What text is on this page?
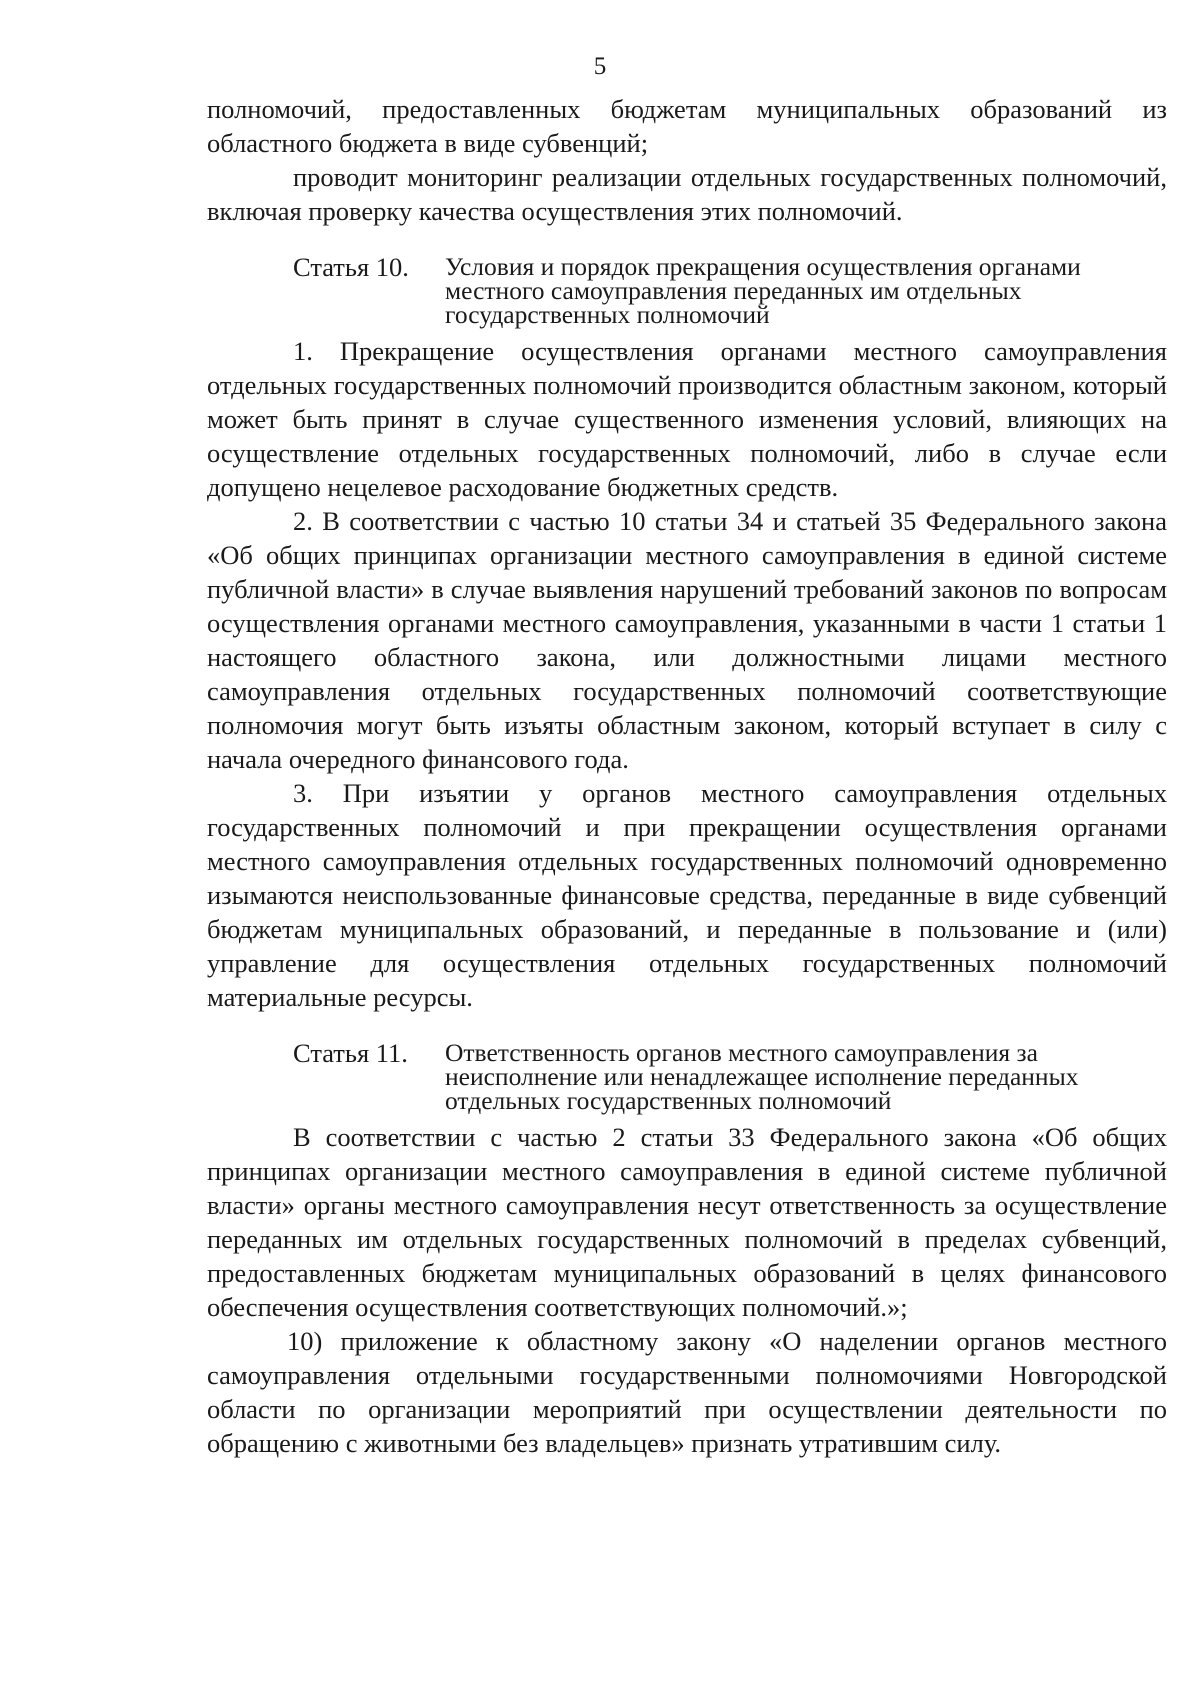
5

полномочий, предоставленных бюджетам муниципальных образований из областного бюджета в виде субвенций;

проводит мониторинг реализации отдельных государственных полномочий, включая проверку качества осуществления этих полномочий.

Статья 10.	Условия и порядок прекращения осуществления органами местного самоуправления переданных им отдельных государственных полномочий

1. Прекращение осуществления органами местного самоуправления отдельных государственных полномочий производится областным законом, который может быть принят в случае существенного изменения условий, влияющих на осуществление отдельных государственных полномочий, либо в случае если допущено нецелевое расходование бюджетных средств.

2. В соответствии с частью 10 статьи 34 и статьей 35 Федерального закона «Об общих принципах организации местного самоуправления в единой системе публичной власти» в случае выявления нарушений требований законов по вопросам осуществления органами местного самоуправления, указанными в части 1 статьи 1 настоящего областного закона, или должностными лицами местного самоуправления отдельных государственных полномочий соответствующие полномочия могут быть изъяты областным законом, который вступает в силу с начала очередного финансового года.

3. При изъятии у органов местного самоуправления отдельных государственных полномочий и при прекращении осуществления органами местного самоуправления отдельных государственных полномочий одновременно изымаются неиспользованные финансовые средства, переданные в виде субвенций бюджетам муниципальных образований, и переданные в пользование и (или) управление для осуществления отдельных государственных полномочий материальные ресурсы.

Статья 11.	Ответственность органов местного самоуправления за неисполнение или ненадлежащее исполнение переданных отдельных государственных полномочий

В соответствии с частью 2 статьи 33 Федерального закона «Об общих принципах организации местного самоуправления в единой системе публичной власти» органы местного самоуправления несут ответственность за осуществление переданных им отдельных государственных полномочий в пределах субвенций, предоставленных бюджетам муниципальных образований в целях финансового обеспечения осуществления соответствующих полномочий.»;

10) приложение к областному закону «О наделении органов местного самоуправления отдельными государственными полномочиями Новгородской области по организации мероприятий при осуществлении деятельности по обращению с животными без владельцев» признать утратившим силу.
